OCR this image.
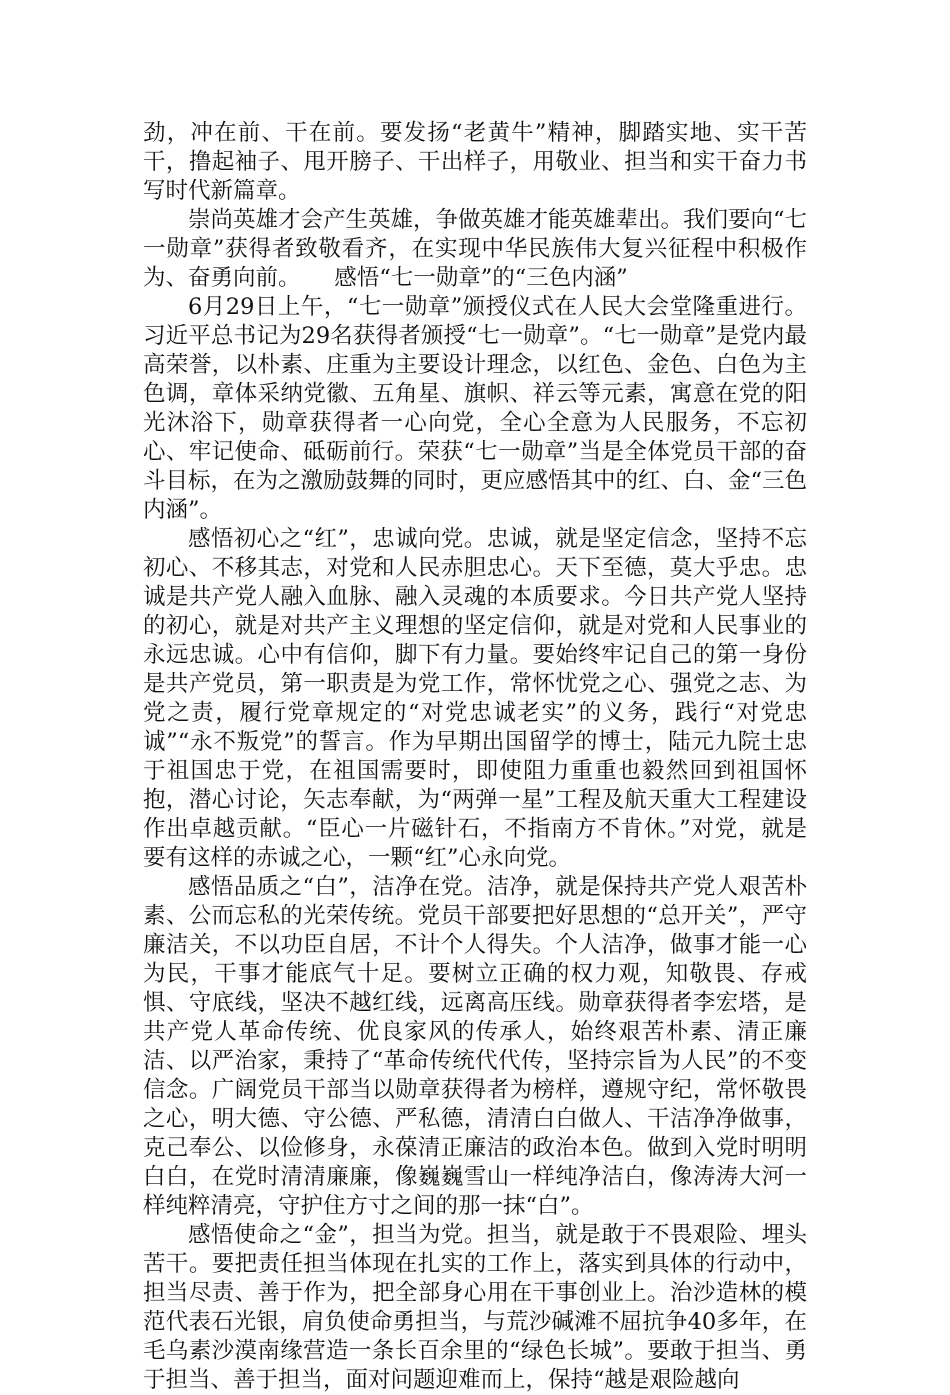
劲，冲在前、干在前。要发扬“老黄牛”精神，脚踏实地、实干苦干，撸起袖子、甩开膀子、干出样子，用敬业、担当和实干奋力书写时代新篇章。

崇尚英雄才会产生英雄，争做英雄才能英雄辈出。我们要向“七一勋章”获得者致敬看齐，在实现中华民族伟大复兴征程中积极作为、奋勇向前。　　感悟“七一勋章”的“三色内涵”

6月29日上午，“七一勋章”颁授仪式在人民大会堂隆重进行。习近平总书记为29名获得者颁授“七一勋章”。“七一勋章”是党内最高荣誉，以朴素、庄重为主要设计理念，以红色、金色、白色为主色调，章体采纳党徽、五角星、旗帜、祥云等元素，寓意在党的阳光沐浴下，勋章获得者一心向党，全心全意为人民服务，不忘初心、牢记使命、砥砺前行。荣获“七一勋章”当是全体党员干部的奋斗目标，在为之激励鼓舞的同时，更应感悟其中的红、白、金“三色内涵”。

感悟初心之“红”，忠诚向党。忠诚，就是坚定信念，坚持不忘初心、不移其志，对党和人民赤胆忠心。天下至德，莫大乎忠。忠诚是共产党人融入血脉、融入灵魂的本质要求。今日共产党人坚持的初心，就是对共产主义理想的坚定信仰，就是对党和人民事业的永远忠诚。心中有信仰，脚下有力量。要始终牢记自己的第一身份是共产党员，第一职责是为党工作，常怀忧党之心、强党之志、为党之责，履行党章规定的“对党忠诚老实”的义务，践行“对党忠诚”“永不叛党”的誓言。作为早期出国留学的博士，陆元九院士忠于祖国忠于党，在祖国需要时，即使阻力重重也毅然回到祖国怀抱，潜心讨论，矢志奉献，为“两弹一星”工程及航天重大工程建设作出卓越贡献。“臣心一片磁针石，不指南方不肯休。”对党，就是要有这样的赤诚之心，一颗“红”心永向党。

感悟品质之“白”，洁净在党。洁净，就是保持共产党人艰苦朴素、公而忘私的光荣传统。党员干部要把好思想的“总开关”，严守廉洁关，不以功臣自居，不计个人得失。个人洁净，做事才能一心为民，干事才能底气十足。要树立正确的权力观，知敬畏、存戒惧、守底线，坚决不越红线，远离高压线。勋章获得者李宏塔，是共产党人革命传统、优良家风的传承人，始终艰苦朴素、清正廉洁、以严治家，秉持了“革命传统代代传，坚持宗旨为人民”的不变信念。广阔党员干部当以勋章获得者为榜样，遵规守纪，常怀敬畏之心，明大德、守公德、严私德，清清白白做人、干洁净净做事，克己奉公、以俭修身，永葆清正廉洁的政治本色。做到入党时明明白白，在党时清清廉廉，像巍巍雪山一样纯净洁白，像涛涛大河一样纯粹清亮，守护住方寸之间的那一抹“白”。

感悟使命之“金”，担当为党。担当，就是敢于不畏艰险、埋头苦干。要把责任担当体现在扎实的工作上，落实到具体的行动中，担当尽责、善于作为，把全部身心用在干事创业上。治沙造林的模范代表石光银，肩负使命勇担当，与荒沙碱滩不屈抗争40多年，在毛乌素沙漠南缘营造一条长百余里的“绿色长城”。要敢于担当、勇于担当、善于担当，面对问题迎难而上，保持“越是艰险越向
